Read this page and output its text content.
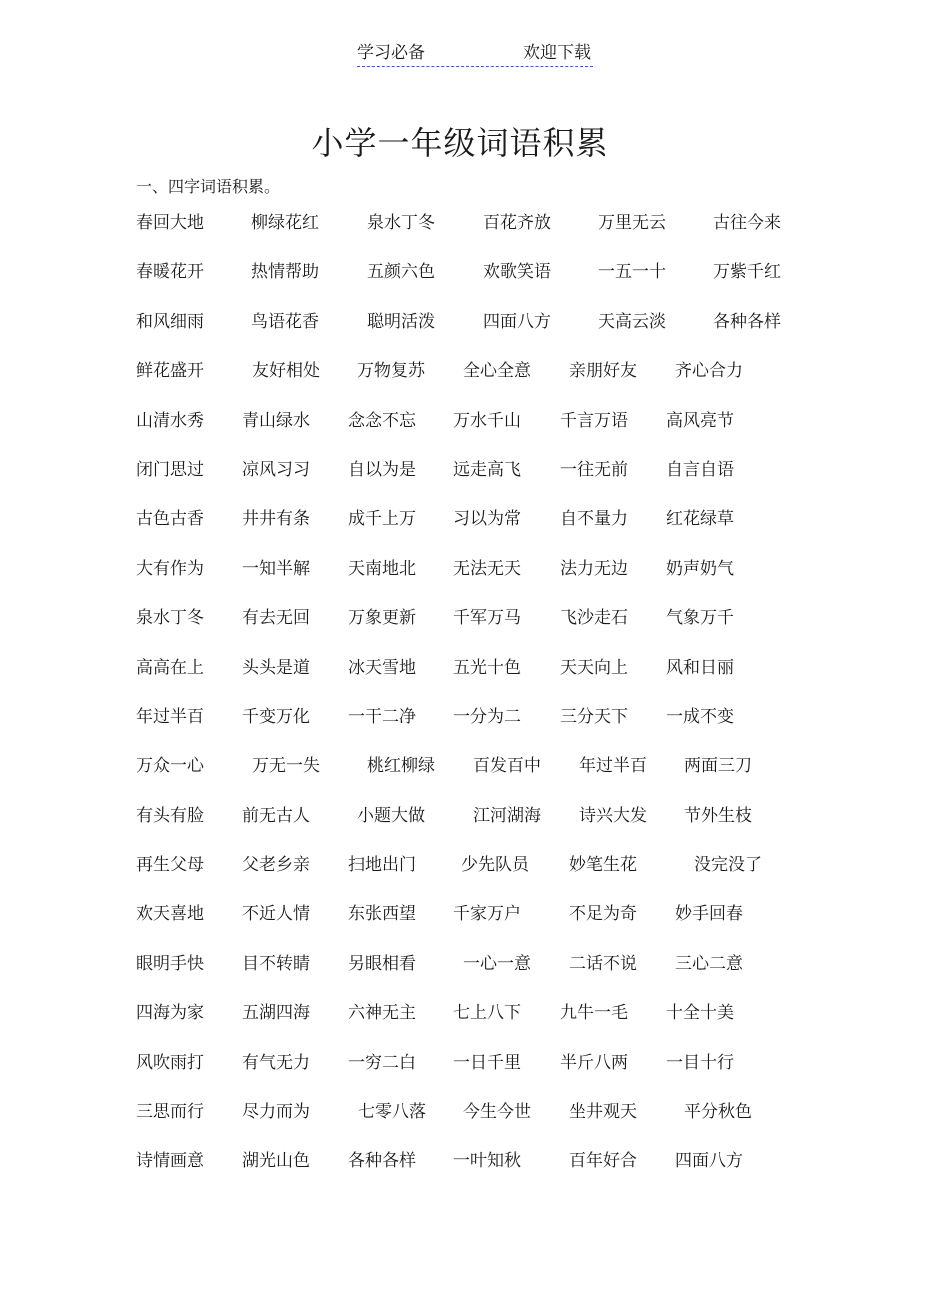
学习必备	欢迎下载
小学一年级词语积累
一、四字词语积累。
春回大地	柳绿花红	泉水丁冬	百花齐放	万里无云	古往今来
春暖花开	热情帮助	五颜六色	欢歌笑语	一五一十	万紫千红
和风细雨	鸟语花香	聪明活泼	四面八方	天高云淡	各种各样
鲜花盛开	友好相处 万物复苏 全心全意 亲朋好友 齐心合力
山清水秀 青山绿水 念念不忘 万水千山 千言万语 高风亮节
闭门思过 凉风习习 自以为是 远走高飞 一往无前 自言自语
古色古香 井井有条 成千上万 习以为常 自不量力 红花绿草
大有作为 一知半解 天南地北 无法无天 法力无边 奶声奶气
泉水丁冬 有去无回 万象更新 千军万马 飞沙走石 气象万千
高高在上 头头是道 冰天雪地 五光十色 天天向上 风和日丽
年过半百 千变万化 一干二净 一分为二 三分天下 一成不变
万众一心	万无一失	桃红柳绿 百发百中 年过半百 两面三刀
有头有脸 前无古人	小题大做	江河湖海 诗兴大发 节外生枝
再生父母 父老乡亲 扫地出门	少先队员 妙笔生花	没完没了
欢天喜地 不近人情 东张西望 千家万户	不足为奇 妙手回春
眼明手快 目不转睛 另眼相看	一心一意 二话不说 三心二意
四海为家 五湖四海 六神无主 七上八下 九牛一毛 十全十美
风吹雨打 有气无力 一穷二白 一日千里 半斤八两 一目十行
三思而行 尽力而为	七零八落 今生今世 坐井观天	平分秋色
诗情画意 湖光山色 各种各样 一叶知秋	百年好合 四面八方
